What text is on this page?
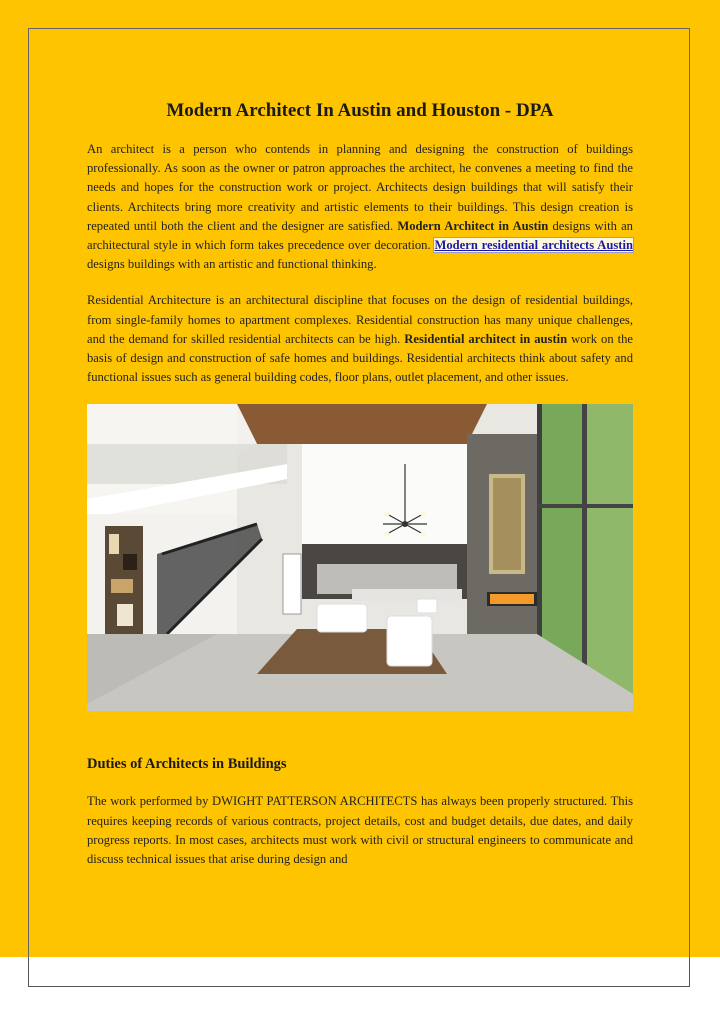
Modern Architect In Austin and Houston - DPA

An architect is a person who contends in planning and designing the construction of buildings professionally. As soon as the owner or patron approaches the architect, he convenes a meeting to find the needs and hopes for the construction work or project. Architects design buildings that will satisfy their clients. Architects bring more creativity and artistic elements to their buildings. This design creation is repeated until both the client and the designer are satisfied. Modern Architect in Austin designs with an architectural style in which form takes precedence over decoration. Modern residential architects Austin designs buildings with an artistic and functional thinking.

Residential Architecture is an architectural discipline that focuses on the design of residential buildings, from single-family homes to apartment complexes. Residential construction has many unique challenges, and the demand for skilled residential architects can be high. Residential architect in austin work on the basis of design and construction of safe homes and buildings. Residential architects think about safety and functional issues such as general building codes, floor plans, outlet placement, and other issues.

Duties of Architects in Buildings

The work performed by DWIGHT PATTERSON ARCHITECTS has always been properly structured. This requires keeping records of various contracts, project details, cost and budget details, due dates, and daily progress reports. In most cases, architects must work with civil or structural engineers to communicate and discuss technical issues that arise during design and
